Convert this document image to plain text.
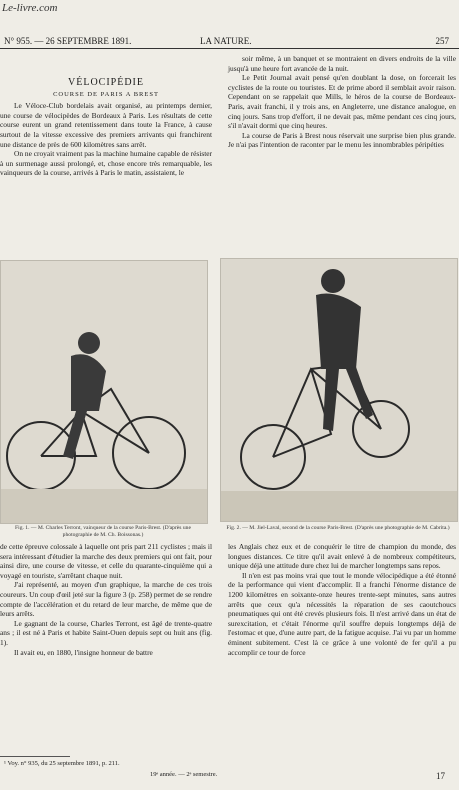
Le-livre.com
N° 955. — 26 SEPTEMBRE 1891.	LA NATURE.	257

VÉLOCIPÉDIE

COURSE DE PARIS A BREST

Le Véloce-Club bordelais avait organisé, au printemps dernier, une course de vélocipèdes de Bordeaux à Paris. Les résultats de cette course eurent un grand retentissement dans toute la France, à cause surtout de la vitesse excessive des premiers arrivants qui franchirent une distance de près de 600 kilomètres sans arrêt.

On ne croyait vraiment pas la machine humaine capable de résister à un surmenage aussi prolongé, et, chose encore très remarquable, les vainqueurs de la course, arrivés à Paris le matin, assistaient, le

soir même, à un banquet et se montraient en divers endroits de la ville jusqu'à une heure fort avancée de la nuit.

Le Petit Journal avait pensé qu'en doublant la dose, on forcerait les cyclistes de la route ou touristes. Et de prime abord il semblait avoir raison. Cependant on se rappelait que Mills, le héros de la course de Bordeaux-Paris, avait franchi, il y trois ans, en Angleterre, une distance analogue, en cinq jours. Sans trop d'effort, il ne devait pas, même pendant ces cinq jours, s'il n'avait dormi que cinq heures.

La course de Paris à Brest nous réservait une surprise bien plus grande. Je n'ai pas l'intention de raconter par le menu les innombrables péripéties

Fig. 1. — M. Charles Terront, vainqueur de la course Paris-Brest. (D'après une photographie de M. Ch. Boissonas.)
Fig. 2. — M. Jiel-Laval, second de la course Paris-Brest. (D'après une photographie de M. Cabrita.)

de cette épreuve colossale à laquelle ont pris part 211 cyclistes ; mais il sera intéressant d'étudier la marche des deux premiers qui ont fait, pour ainsi dire, une course de vitesse, et celle du quarante-cinquième qui a voyagé en touriste, s'arrêtant chaque nuit.

J'ai représenté, au moyen d'un graphique, la marche de ces trois coureurs. Un coup d'œil jeté sur la figure 3 (p. 258) permet de se rendre compte de l'accélération et du retard de leur marche, de même que de leurs arrêts.

Le gagnant de la course, Charles Terront, est âgé de trente-quatre ans ; il est né à Paris et habite Saint-Ouen depuis sept ou huit ans (fig. 1).

Il avait eu, en 1880, l'insigne honneur de battre

les Anglais chez eux et de conquérir le titre de champion du monde, des longues distances. Ce titre qu'il avait enlevé à de nombreux compétiteurs, unique déjà une attitude dure chez lui de marcher longtemps sans repos.

Il n'en est pas moins vrai que tout le monde vélocipédique a été étonné de la performance qui vient d'accomplir. Il a franchi l'énorme distance de 1200 kilomètres en soixante-onze heures trente-sept minutes, sans autres arrêts que ceux qu'a nécessités la réparation de ses caoutchoucs pneumatiques qui ont été crevés plusieurs fois. Il n'est arrivé dans un état de surexcitation, et c'était l'énorme qu'il souffre depuis longtemps déjà de l'estomac et que, d'une autre part, de la fatigue acquise. J'ai vu par un homme éminent subitement. C'est là ce grâce à une volonté de fer qu'il a pu accomplir ce tour de force

¹ Voy. n° 935, du 25 septembre 1891, p. 211.
19ᵉ année. — 2ᵉ semestre.	17
